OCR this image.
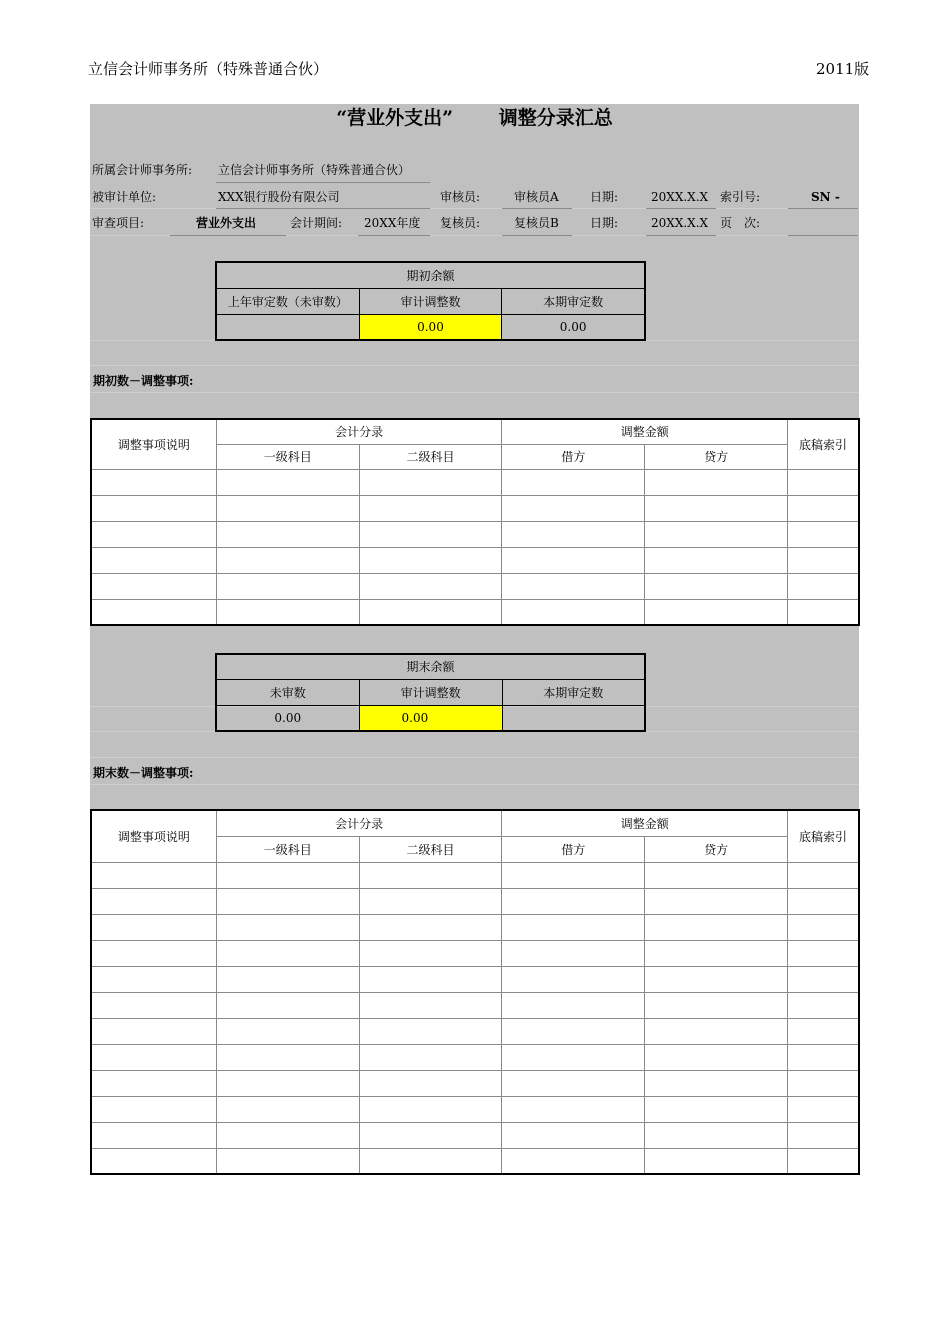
立信会计师事务所（特殊普通合伙）	2011版
“营业外支出”　 调整分录汇总
所属会计师事务所: 立信会计师事务所（特殊普通合伙）
被审计单位:	XXX银行股份有限公司	审核员:	审核员A	日期:	20XX.X.X 索引号:	SN -
审查项目:	营业外支出	会计期间: 20XX年度 复核员:	复核员B	日期:	20XX.X.X 页　次:
期初余额		
上年审定数（未审数）	审计调整数	本期审定数
	0.00	0.00
期初数－调整事项:
调整事项说明	会计分录		调整金额		底稿索引
	一级科目	二级科目	借方	贷方	

期末余额		
未审数	审计调整数	本期审定数
0.00	0.00	
期末数－调整事项:
调整事项说明	会计分录		调整金额		底稿索引
	一级科目	二级科目	借方	贷方	
